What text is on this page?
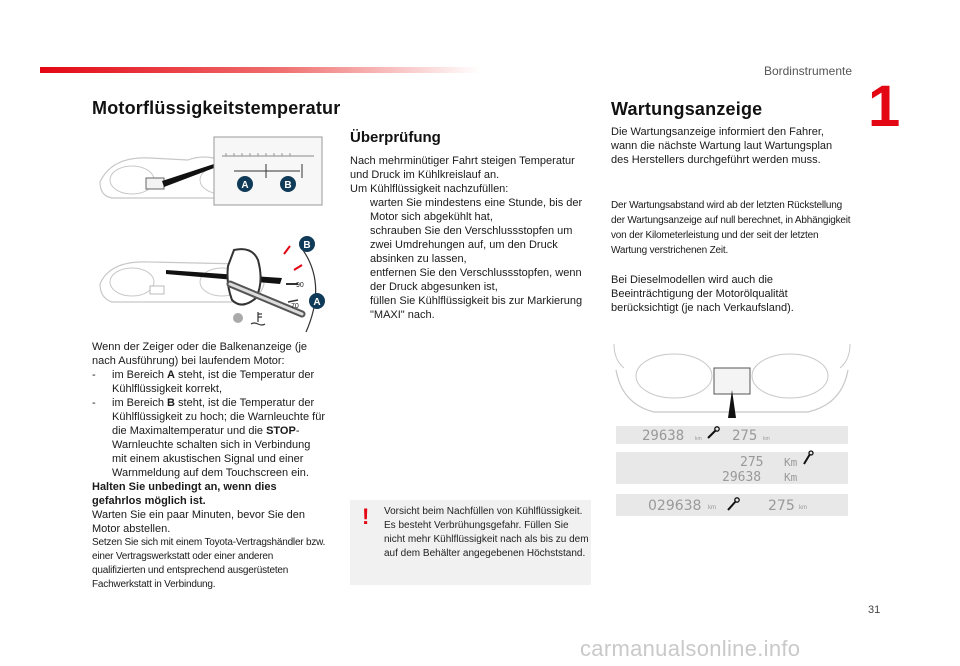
Bordinstrumente
1
Motorflüssigkeitstemperatur
A	B
90
70
B
A
Wenn der Zeiger oder die Balkenanzeige (je nach Ausführung) bei laufendem Motor:
- im Bereich A steht, ist die Temperatur der Kühlflüssigkeit korrekt,
- im Bereich B steht, ist die Temperatur der Kühlflüssigkeit zu hoch; die Warnleuchte für die Maximaltemperatur und die STOP-Warnleuchte schalten sich in Verbindung mit einem akustischen Signal und einer Warnmeldung auf dem Touchscreen ein.
Halten Sie unbedingt an, wenn dies gefahrlos möglich ist.
Warten Sie ein paar Minuten, bevor Sie den Motor abstellen.
Setzen Sie sich mit einem Toyota-Vertragshändler bzw. einer Vertragswerkstatt oder einer anderen qualifizierten und entsprechend ausgerüsteten Fachwerkstatt in Verbindung.
Überprüfung
Nach mehrminütiger Fahrt steigen Temperatur und Druck im Kühlkreislauf an.
Um Kühlflüssigkeit nachzufüllen:
warten Sie mindestens eine Stunde, bis der Motor sich abgekühlt hat,
schrauben Sie den Verschlussstopfen um zwei Umdrehungen auf, um den Druck absinken zu lassen,
entfernen Sie den Verschlussstopfen, wenn der Druck abgesunken ist,
füllen Sie Kühlflüssigkeit bis zur Markierung "MAXI" nach.
! Vorsicht beim Nachfüllen von Kühlflüssigkeit. Es besteht Verbrühungsgefahr. Füllen Sie nicht mehr Kühlflüssigkeit nach als bis zu dem auf dem Behälter angegebenen Höchststand.
Wartungsanzeige
Die Wartungsanzeige informiert den Fahrer, wann die nächste Wartung laut Wartungsplan des Herstellers durchgeführt werden muss.
Der Wartungsabstand wird ab der letzten Rückstellung der Wartungsanzeige auf null berechnet, in Abhängigkeit von der Kilometerleistung und der seit der letzten Wartung verstrichenen Zeit.
Bei Dieselmodellen wird auch die Beeinträchtigung der Motorölqualität berücksichtigt (je nach Verkaufsland).
29638 km 275 km
275 Km
29638 Km
029638 km	275 km
31
carmanualsonline.info
